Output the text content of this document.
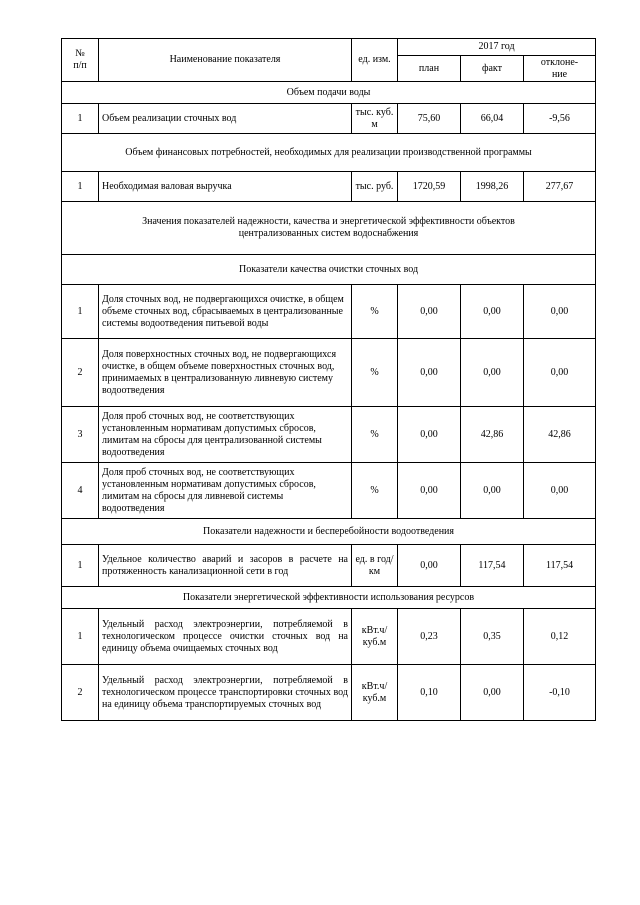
№
п/п	Наименование показателя	ед. изм.	2017 год		
			план	факт	отклоне-
ние
Объем подачи воды					
1	Объем реализации сточных вод	тыс. куб. м	75,60	66,04	-9,56
Объем финансовых потребностей, необходимых для реализации производственной программы					
1	Необходимая валовая выручка	тыс. руб.	1720,59	1998,26	277,67
Значения показателей надежности, качества и энергетической эффективности объектов централизованных систем водоснабжения					
Показатели качества очистки сточных вод					
1	Доля сточных вод, не подвергающихся очистке, в общем объеме сточных вод, сбрасываемых в централизованные системы водоотведения питьевой воды	%	0,00	0,00	0,00
2	Доля поверхностных сточных вод, не подвергающихся очистке, в общем объеме поверхностных сточных вод, принимаемых в централизованную ливневую систему водоотведения	%	0,00	0,00	0,00
3	Доля проб сточных вод, не соответствующих установленным нормативам допустимых сбросов, лимитам на сбросы для централизованной системы водоотведения	%	0,00	42,86	42,86
4	Доля проб сточных вод, не соответствующих установленным нормативам допустимых сбросов, лимитам на сбросы для ливневой системы водоотведения	%	0,00	0,00	0,00
Показатели надежности и бесперебойности водоотведения					
1	Удельное количество аварий и засоров в расчете на протяженность канализационной сети в год	ед. в год/ км	0,00	117,54	117,54
Показатели энергетической эффективности использования ресурсов					
1	Удельный расход электроэнергии, потребляемой в технологическом процессе очистки сточных вод на единицу объема очищаемых сточных вод	кВт.ч/ куб.м	0,23	0,35	0,12
2	Удельный расход электроэнергии, потребляемой в технологическом процессе транспортировки сточных вод на единицу объема транспортируемых сточных вод	кВт.ч/ куб.м	0,10	0,00	-0,10
